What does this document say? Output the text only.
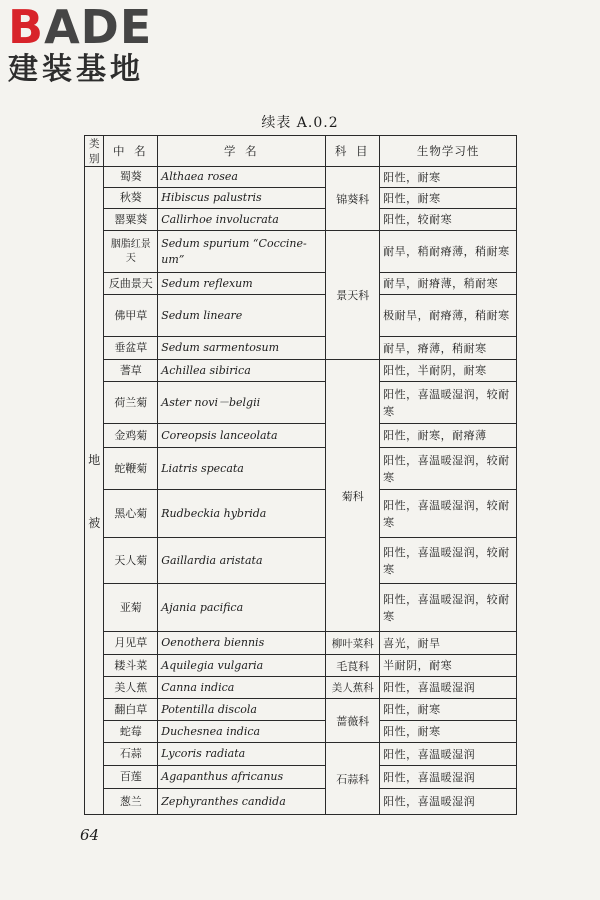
BADE
建装基地
续表 A.0.2
类别	中 名	学 名	科 目	生物学习性

地
被	蜀葵	Althaea rosea	锦葵科	阳性，耐寒
	秋葵	Hibiscus palustris		阳性，耐寒
	罂粟葵	Callirhoe involucrata		阳性，较耐寒
	胭脂红景天	Sedum spurium “Coccine-um”	景天科	耐旱，稍耐瘠薄，稍耐寒
	反曲景天	Sedum reflexum		耐旱，耐瘠薄，稍耐寒
	佛甲草	Sedum lineare		极耐旱，耐瘠薄，稍耐寒
	垂盆草	Sedum sarmentosum		耐旱，瘠薄，稍耐寒
	蓍草	Achillea sibirica	菊科	阳性，半耐阴，耐寒
	荷兰菊	Aster novi－belgii		阳性，喜温暖湿润，较耐寒
	金鸡菊	Coreopsis lanceolata		阳性，耐寒，耐瘠薄
	蛇鞭菊	Liatris specata		阳性，喜温暖湿润，较耐寒
	黑心菊	Rudbeckia hybrida		阳性，喜温暖湿润，较耐寒
	天人菊	Gaillardia aristata		阳性，喜温暖湿润，较耐寒
	亚菊	Ajania pacifica		阳性，喜温暖湿润，较耐寒
	月见草	Oenothera biennis	柳叶菜科	喜光，耐旱
	耧斗菜	Aquilegia vulgaria	毛茛科	半耐阴，耐寒
	美人蕉	Canna indica	美人蕉科	阳性，喜温暖湿润
	翻白草	Potentilla discola	蔷薇科	阳性，耐寒
	蛇莓	Duchesnea indica		阳性，耐寒
	石蒜	Lycoris radiata	石蒜科	阳性，喜温暖湿润
	百莲	Agapanthus africanus		阳性，喜温暖湿润
	葱兰	Zephyranthes candida		阳性，喜温暖湿润
64
